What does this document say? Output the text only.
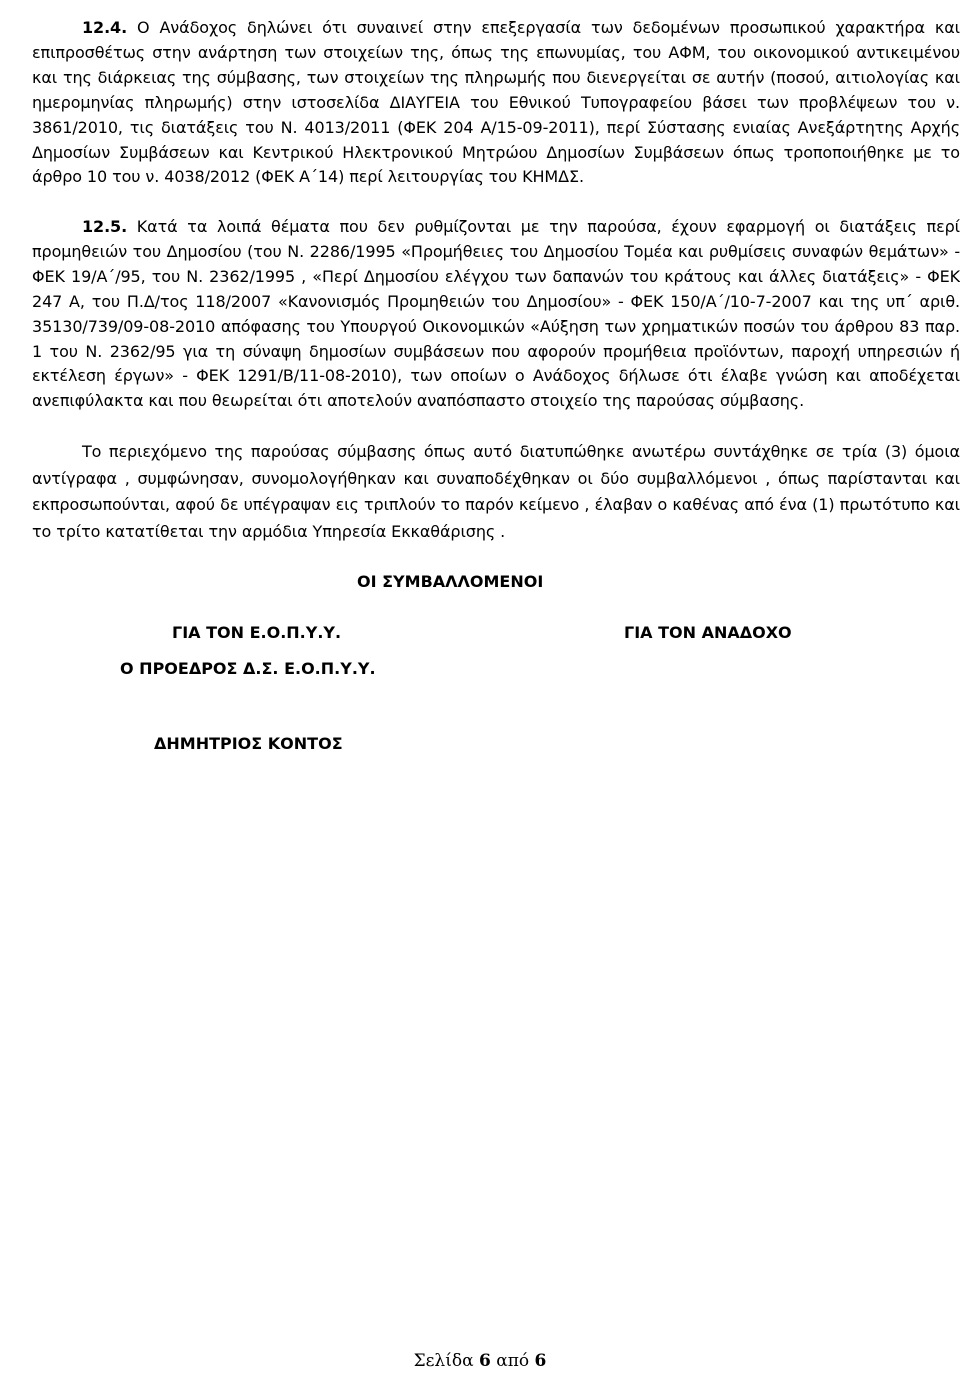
12.4. Ο Ανάδοχος δηλώνει ότι συναινεί στην επεξεργασία των δεδομένων προσωπικού χαρακτήρα και επιπροσθέτως στην ανάρτηση των στοιχείων της, όπως της επωνυμίας, του ΑΦΜ, του οικονομικού αντικειμένου και της διάρκειας της σύμβασης, των στοιχείων της πληρωμής που διενεργείται σε αυτήν (ποσού, αιτιολογίας και ημερομηνίας πληρωμής) στην ιστοσελίδα ΔΙΑΥΓΕΙΑ του Εθνικού Τυπογραφείου βάσει των προβλέψεων του ν. 3861/2010, τις διατάξεις του Ν. 4013/2011 (ΦΕΚ 204 Α/15-09-2011), περί Σύστασης ενιαίας Ανεξάρτητης Αρχής Δημοσίων Συμβάσεων και Κεντρικού Ηλεκτρονικού Μητρώου Δημοσίων Συμβάσεων όπως τροποποιήθηκε με το άρθρο 10 του ν. 4038/2012 (ΦΕΚ Α΄14) περί λειτουργίας του ΚΗΜΔΣ.

12.5. Κατά τα λοιπά θέματα που δεν ρυθμίζονται με την παρούσα, έχουν εφαρμογή οι διατάξεις περί προμηθειών του Δημοσίου (του Ν. 2286/1995 «Προμήθειες του Δημοσίου Τομέα και ρυθμίσεις συναφών θεμάτων» - ΦΕΚ 19/Α΄/95, του Ν. 2362/1995 , «Περί Δημοσίου ελέγχου των δαπανών του κράτους και άλλες διατάξεις» - ΦΕΚ 247 Α, του Π.Δ/τος 118/2007 «Κανονισμός Προμηθειών του Δημοσίου» - ΦΕΚ 150/Α΄/10-7-2007 και της υπ΄ αριθ. 35130/739/09-08-2010 απόφασης του Υπουργού Οικονομικών «Αύξηση των χρηματικών ποσών του άρθρου 83 παρ. 1 του Ν. 2362/95 για τη σύναψη δημοσίων συμβάσεων που αφορούν προμήθεια προϊόντων, παροχή υπηρεσιών ή εκτέλεση έργων» - ΦΕΚ 1291/Β/11-08-2010), των οποίων ο Ανάδοχος δήλωσε ότι έλαβε γνώση και αποδέχεται ανεπιφύλακτα και που θεωρείται ότι αποτελούν αναπόσπαστο στοιχείο της παρούσας σύμβασης.

Το περιεχόμενο της παρούσας σύμβασης όπως αυτό διατυπώθηκε ανωτέρω συντάχθηκε σε τρία (3) όμοια αντίγραφα , συμφώνησαν, συνομολογήθηκαν και συναποδέχθηκαν οι δύο συμβαλλόμενοι , όπως παρίστανται και εκπροσωπούνται, αφού δε υπέγραψαν εις τριπλούν το παρόν κείμενο , έλαβαν ο καθένας από ένα (1) πρωτότυπο και το τρίτο κατατίθεται την αρμόδια Υπηρεσία Εκκαθάρισης .

ΟΙ ΣΥΜΒΑΛΛΟΜΕΝΟΙ
ΓΙΑ ΤΟΝ Ε.Ο.Π.Υ.Υ.	ΓΙΑ ΤΟΝ ΑΝΑΔΟΧΟ
Ο ΠΡΟΕΔΡΟΣ Δ.Σ. Ε.Ο.Π.Υ.Υ.
ΔΗΜΗΤΡΙΟΣ ΚΟΝΤΟΣ
Σελίδα 6 από 6
